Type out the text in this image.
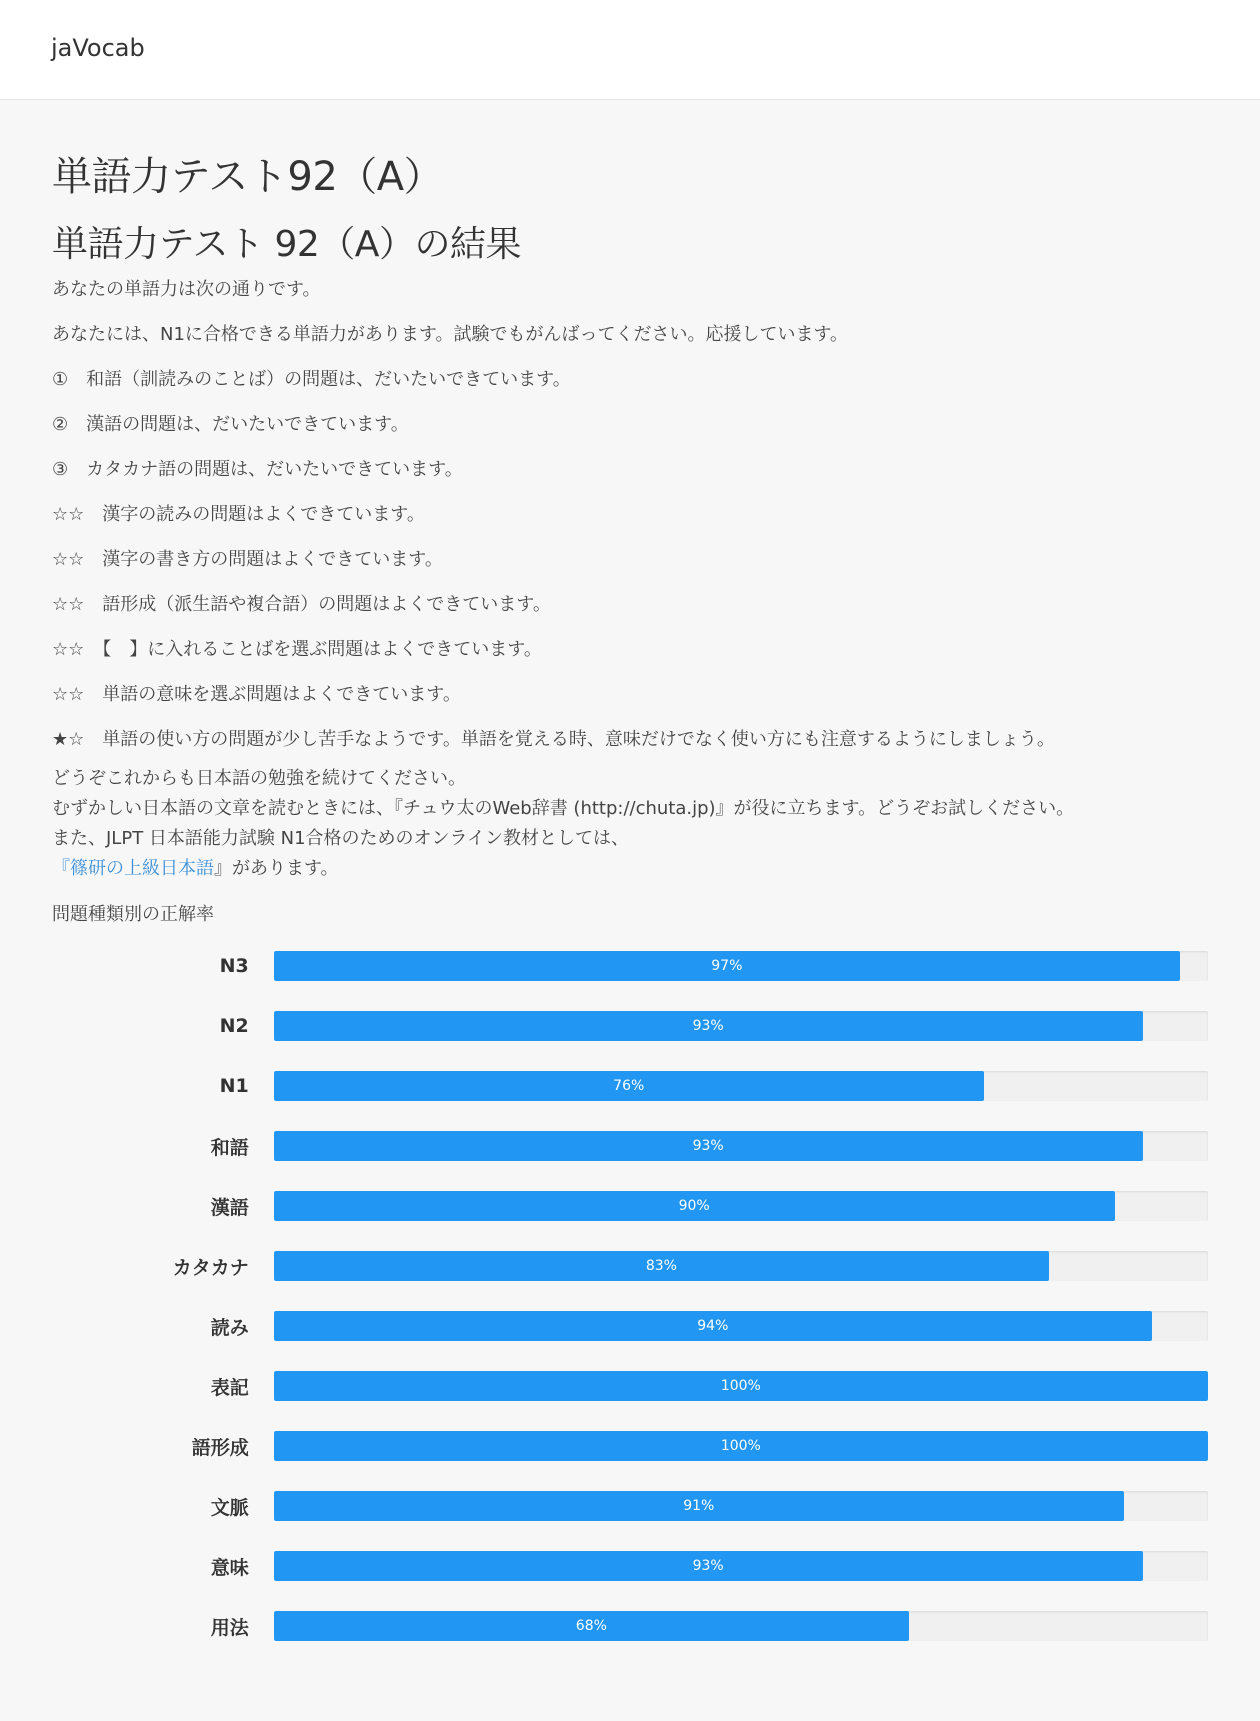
jaVocab
単語力テスト92（A）
単語力テスト 92（A）の結果

あなたの単語力は次の通りです。

あなたには、N1に合格できる単語力があります。試験でもがんばってください。応援しています。

①　和語（訓読みのことば）の問題は、だいたいできています。

②　漢語の問題は、だいたいできています。

③　カタカナ語の問題は、だいたいできています。

☆☆　漢字の読みの問題はよくできています。

☆☆　漢字の書き方の問題はよくできています。

☆☆　語形成（派生語や複合語）の問題はよくできています。

☆☆　【　】に入れることばを選ぶ問題はよくできています。

☆☆　単語の意味を選ぶ問題はよくできています。

★☆　単語の使い方の問題が少し苦手なようです。単語を覚える時、意味だけでなく使い方にも注意するようにしましょう。

どうぞこれからも日本語の勉強を続けてください。
むずかしい日本語の文章を読むときには、『チュウ太のWeb辞書 (http://chuta.jp)』が役に立ちます。どうぞお試しください。
また、JLPT 日本語能力試験 N1合格のためのオンライン教材としては、
『篠研の上級日本語』があります。
問題種類別の正解率
N3	97%
N2	93%
N1	76%
和語	93%
漢語	90%
カタカナ	83%
読み	94%
表記	100%
語形成	100%
文脈	91%
意味	93%
用法	68%
